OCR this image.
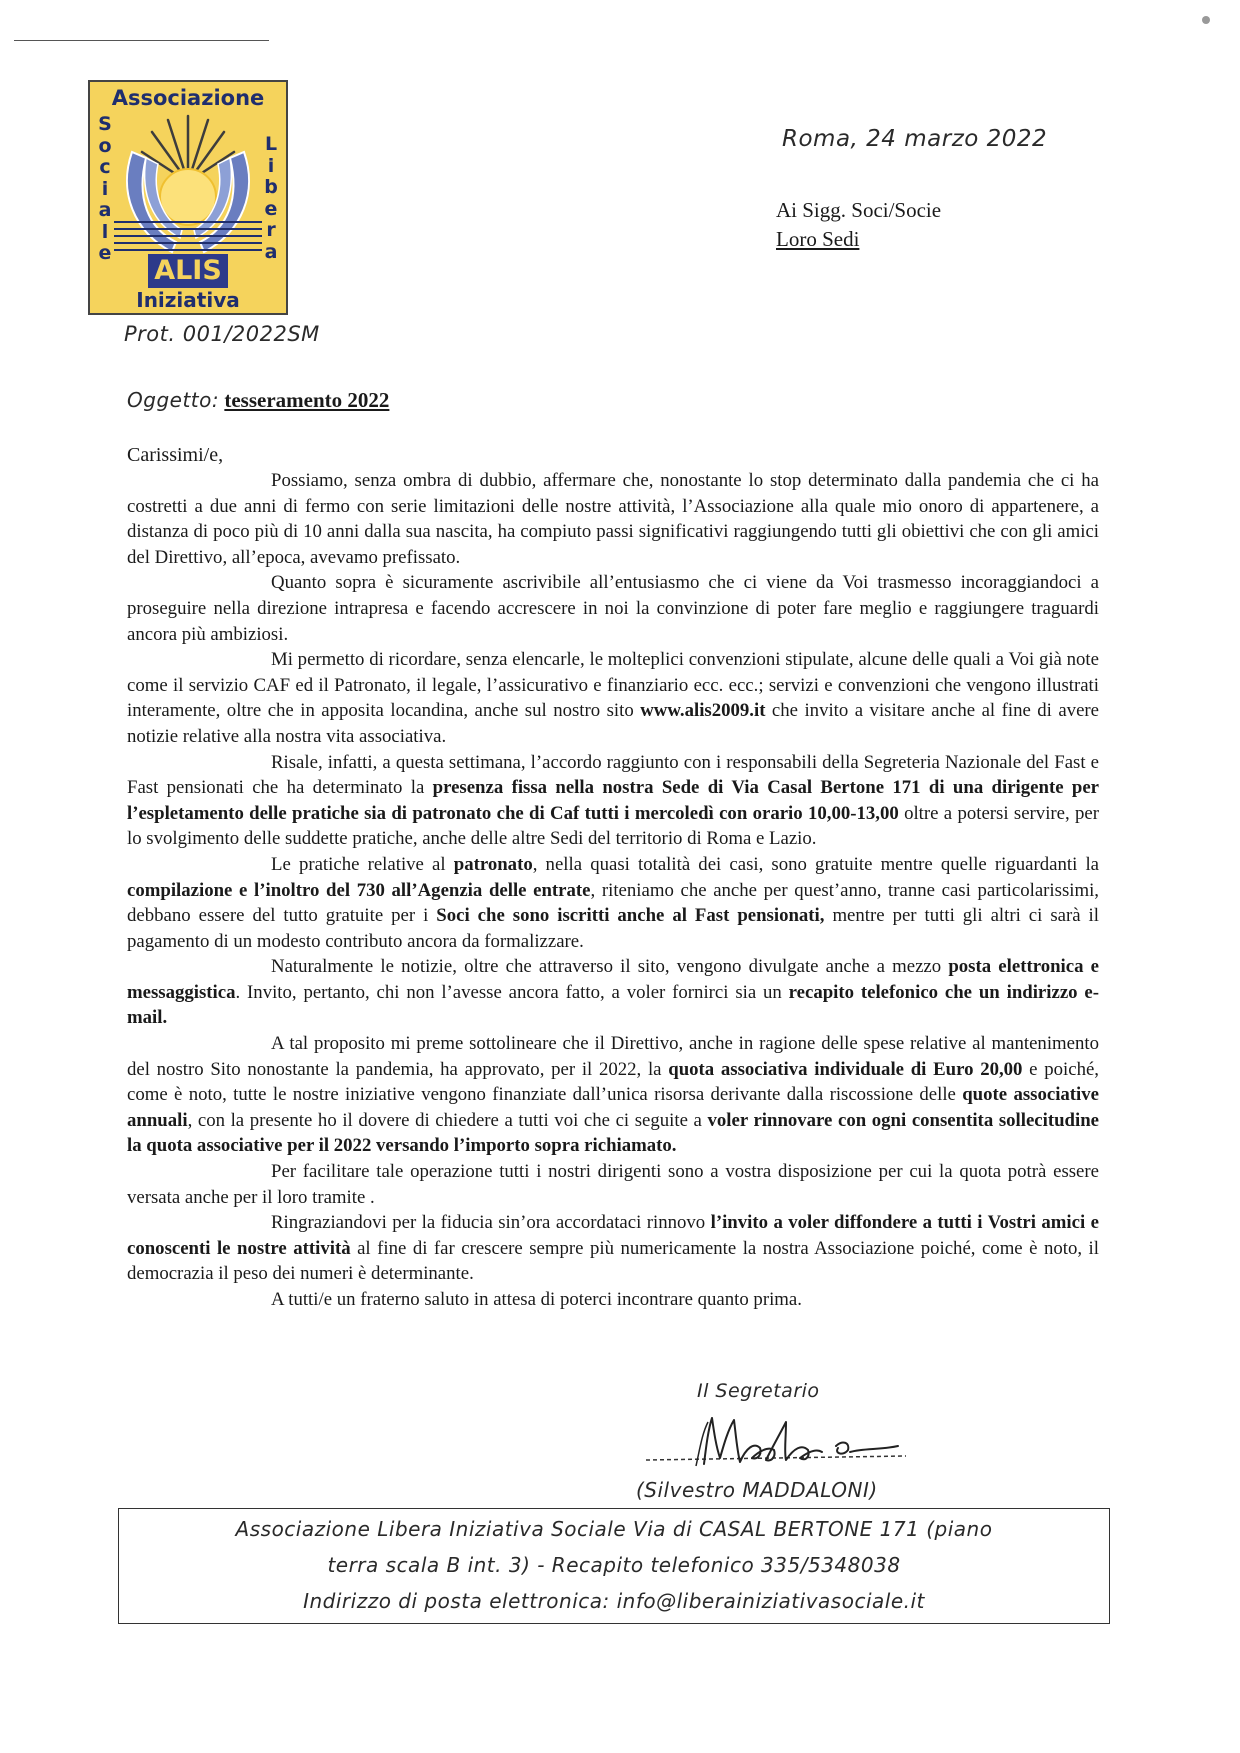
Associazione
Sociale
Libera
ALIS
Iniziativa
Prot. 001/2022SM
Roma, 24 marzo 2022
Ai Sigg. Soci/Socie
Loro Sedi
Oggetto: tesseramento 2022
Carissimi/e,

Possiamo, senza ombra di dubbio, affermare che, nonostante lo stop determinato dalla pandemia che ci ha costretti a due anni di fermo con serie limitazioni delle nostre attività, l’Associazione alla quale mio onoro di appartenere, a distanza di poco più di 10 anni dalla sua nascita, ha compiuto passi significativi raggiungendo tutti gli obiettivi che con gli amici del Direttivo, all’epoca, avevamo prefissato.

Quanto sopra è sicuramente ascrivibile all’entusiasmo che ci viene da Voi trasmesso incoraggiandoci a proseguire nella direzione intrapresa e facendo accrescere in noi la convinzione di poter fare meglio e raggiungere traguardi ancora più ambiziosi.

Mi permetto di ricordare, senza elencarle, le molteplici convenzioni stipulate, alcune delle quali a Voi già note come il servizio CAF ed il Patronato, il legale, l’assicurativo e finanziario ecc. ecc.; servizi e convenzioni che vengono illustrati interamente, oltre che in apposita locandina, anche sul nostro sito www.alis2009.it che invito a visitare anche al fine di avere notizie relative alla nostra vita associativa.

Risale, infatti, a questa settimana, l’accordo raggiunto con i responsabili della Segreteria Nazionale del Fast e Fast pensionati che ha determinato la presenza fissa nella nostra Sede di Via Casal Bertone 171 di una dirigente per l’espletamento delle pratiche sia di patronato che di Caf tutti i mercoledì con orario 10,00-13,00 oltre a potersi servire, per lo svolgimento delle suddette pratiche, anche delle altre Sedi del territorio di Roma e Lazio.

Le pratiche relative al patronato, nella quasi totalità dei casi, sono gratuite mentre quelle riguardanti la compilazione e l’inoltro del 730 all’Agenzia delle entrate, riteniamo che anche per quest’anno, tranne casi particolarissimi, debbano essere del tutto gratuite per i Soci che sono iscritti anche al Fast pensionati, mentre per tutti gli altri ci sarà il pagamento di un modesto contributo ancora da formalizzare.

Naturalmente le notizie, oltre che attraverso il sito, vengono divulgate anche a mezzo posta elettronica e messaggistica. Invito, pertanto, chi non l’avesse ancora fatto, a voler fornirci sia un recapito telefonico che un indirizzo e-mail.

A tal proposito mi preme sottolineare che il Direttivo, anche in ragione delle spese relative al mantenimento del nostro Sito nonostante la pandemia, ha approvato, per il 2022, la quota associativa individuale di Euro 20,00 e poiché, come è noto, tutte le nostre iniziative vengono finanziate dall’unica risorsa derivante dalla riscossione delle quote associative annuali, con la presente ho il dovere di chiedere a tutti voi che ci seguite a voler rinnovare con ogni consentita sollecitudine la quota associative per il 2022 versando l’importo sopra richiamato.

Per facilitare tale operazione tutti i nostri dirigenti sono a vostra disposizione per cui la quota potrà essere versata anche per il loro tramite .

Ringraziandovi per la fiducia sin’ora accordataci rinnovo l’invito a voler diffondere a tutti i Vostri amici e conoscenti le nostre attività al fine di far crescere sempre più numericamente la nostra Associazione poiché, come è noto, il democrazia il peso dei numeri è determinante.

A tutti/e un fraterno saluto in attesa di poterci incontrare quanto prima.

Il Segretario
(Silvestro MADDALONI)
Associazione Libera Iniziativa Sociale Via di CASAL BERTONE 171 (piano
terra scala B int. 3) - Recapito telefonico 335/5348038
Indirizzo di posta elettronica: info@liberainiziativasociale.it
